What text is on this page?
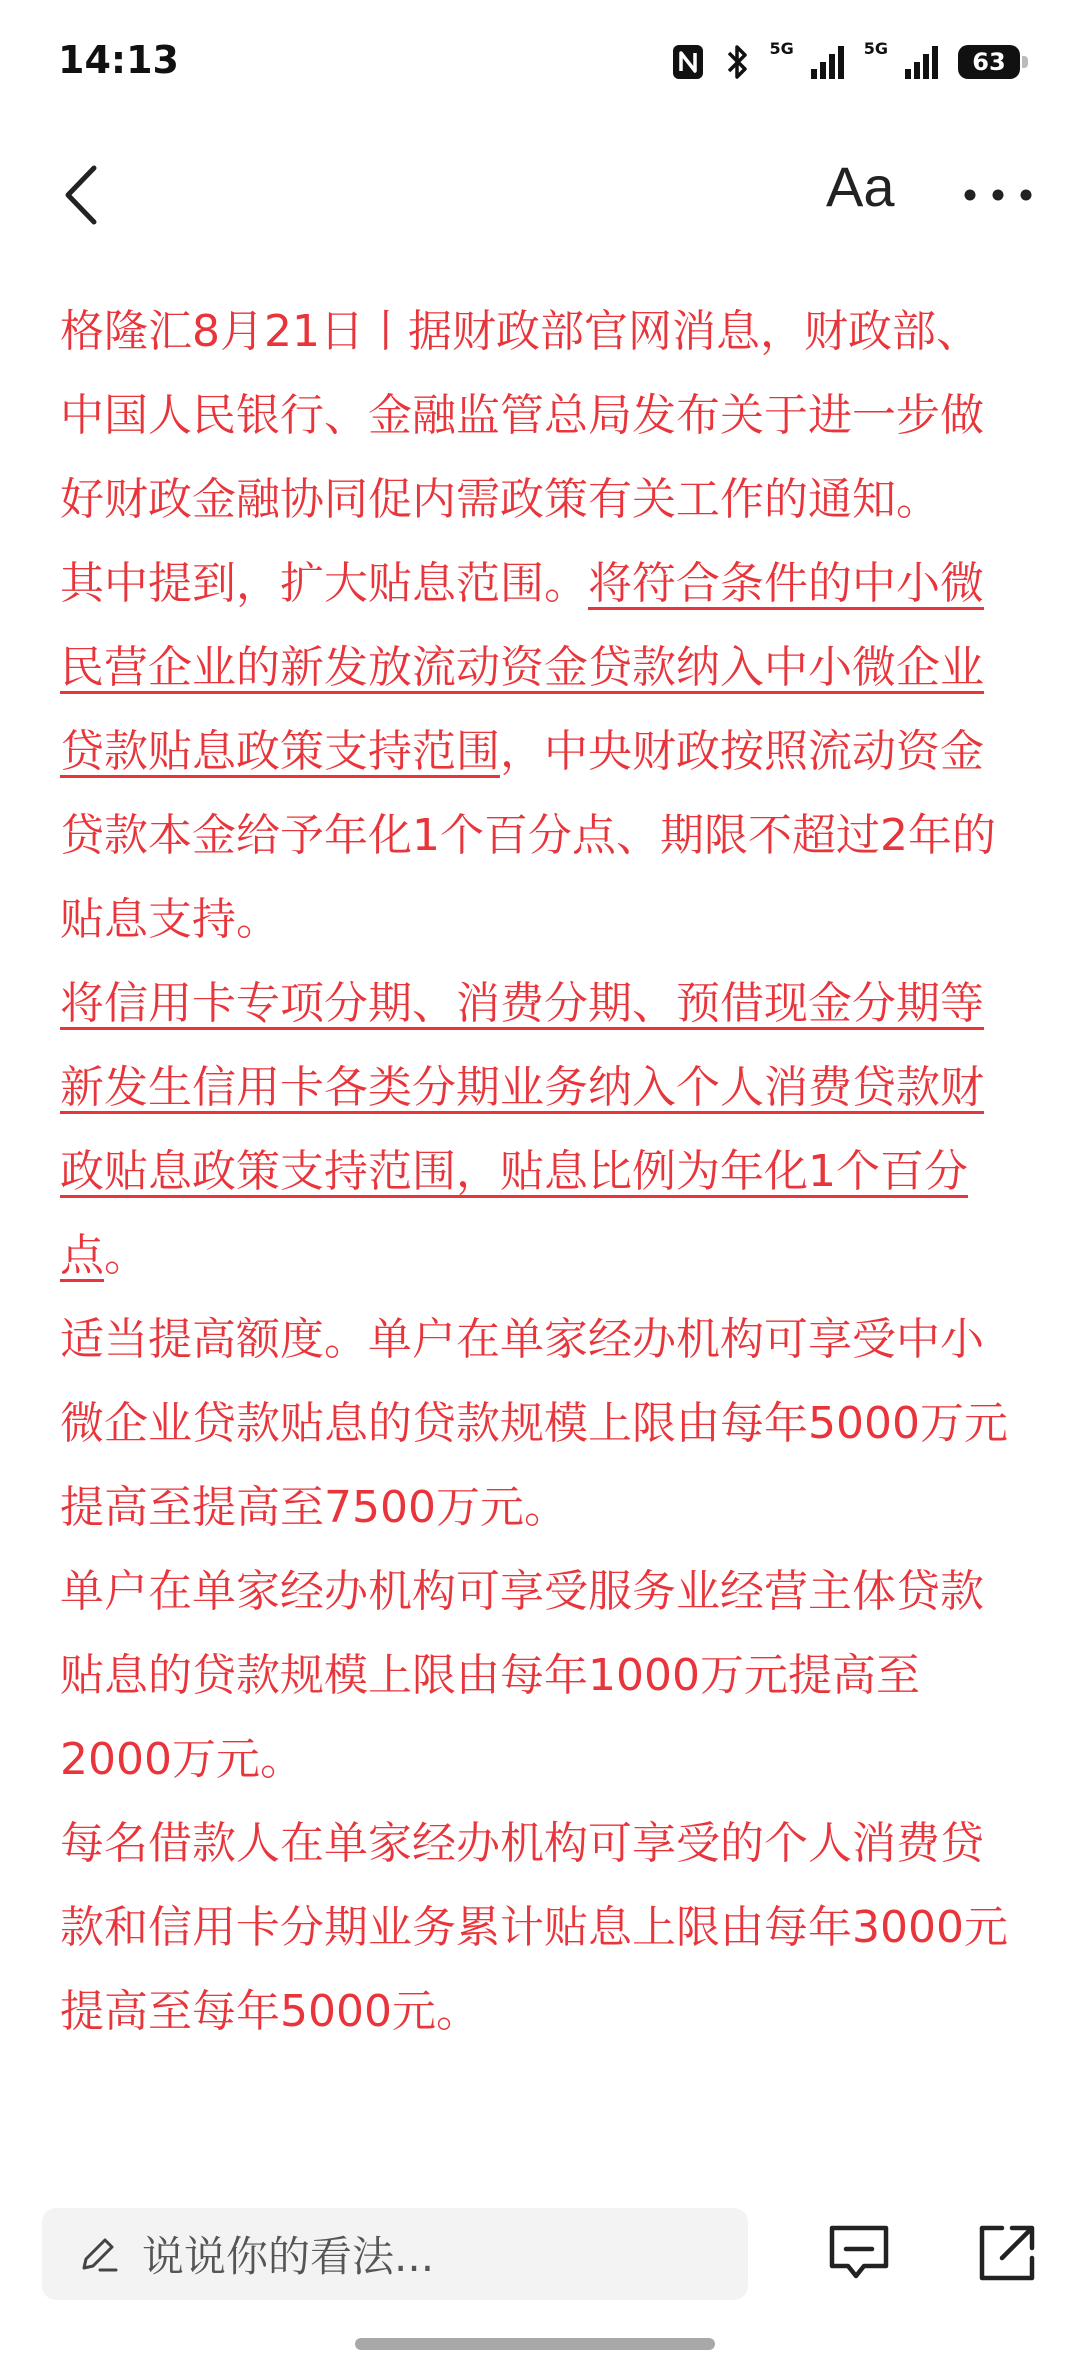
14:13	5G	5G	63
Aa

格隆汇8月21日丨据财政部官网消息，财政部、中国人民银行、金融监管总局发布关于进一步做好财政金融协同促内需政策有关工作的通知。

其中提到，扩大贴息范围。将符合条件的中小微民营企业的新发放流动资金贷款纳入中小微企业贷款贴息政策支持范围，中央财政按照流动资金贷款本金给予年化1个百分点、期限不超过2年的贴息支持。

将信用卡专项分期、消费分期、预借现金分期等新发生信用卡各类分期业务纳入个人消费贷款财政贴息政策支持范围，贴息比例为年化1个百分点。

适当提高额度。单户在单家经办机构可享受中小微企业贷款贴息的贷款规模上限由每年5000万元提高至提高至7500万元。

单户在单家经办机构可享受服务业经营主体贷款贴息的贷款规模上限由每年1000万元提高至2000万元。

每名借款人在单家经办机构可享受的个人消费贷款和信用卡分期业务累计贴息上限由每年3000元提高至每年5000元。

说说你的看法...
